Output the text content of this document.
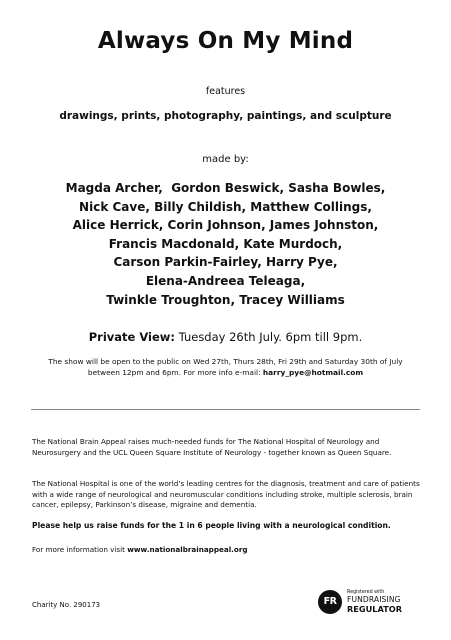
Always On My Mind
features
drawings, prints, photography, paintings, and sculpture
made by:
Magda Archer,  Gordon Beswick, Sasha Bowles,
Nick Cave, Billy Childish, Matthew Collings,
Alice Herrick, Corin Johnson, James Johnston,
Francis Macdonald, Kate Murdoch,
Carson Parkin-Fairley, Harry Pye,
Elena-Andreea Teleaga,
Twinkle Troughton, Tracey Williams
Private View: Tuesday 26th July. 6pm till 9pm.
The show will be open to the public on Wed 27th, Thurs 28th, Fri 29th and Saturday 30th of July
between 12pm and 6pm. For more info e-mail: harry_pye@hotmail.com
The National Brain Appeal raises much-needed funds for The National Hospital of Neurology and Neurosurgery and the UCL Queen Square Institute of Neurology - together known as Queen Square.
The National Hospital is one of the world’s leading centres for the diagnosis, treatment and care of patients with a wide range of neurological and neuromuscular conditions including stroke, multiple sclerosis, brain cancer, epilepsy, Parkinson’s disease, migraine and dementia.
Please help us raise funds for the 1 in 6 people living with a neurological condition.
For more information visit www.nationalbrainappeal.org
Charity No. 290173	FR
Registered with
FUNDRAISING
REGULATOR
